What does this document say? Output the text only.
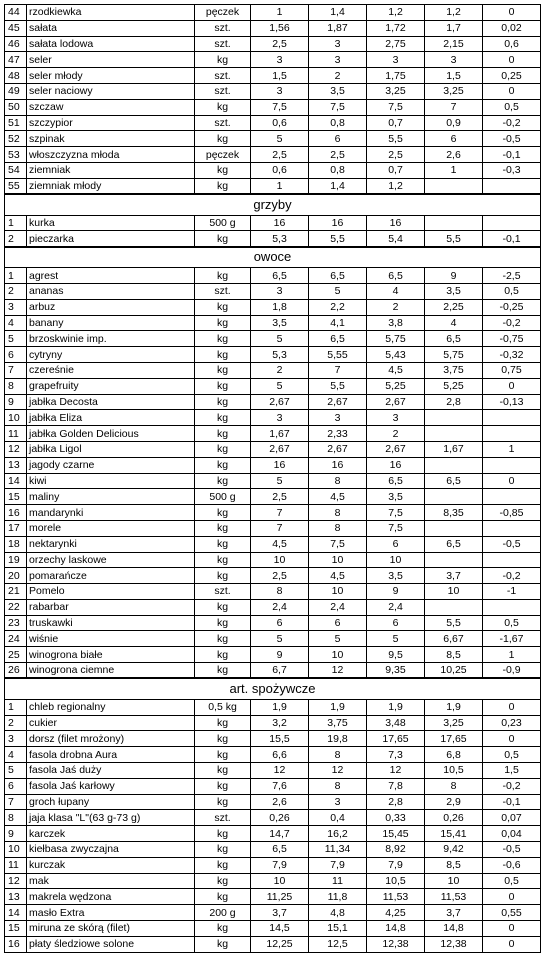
44	rzodkiewka	pęczek	1	1,4	1,2	1,2	0
45	sałata	szt.	1,56	1,87	1,72	1,7	0,02
46	sałata lodowa	szt.	2,5	3	2,75	2,15	0,6
47	seler	kg	3	3	3	3	0
48	seler młody	szt.	1,5	2	1,75	1,5	0,25
49	seler naciowy	szt.	3	3,5	3,25	3,25	0
50	szczaw	kg	7,5	7,5	7,5	7	0,5
51	szczypior	szt.	0,6	0,8	0,7	0,9	-0,2
52	szpinak	kg	5	6	5,5	6	-0,5
53	włoszczyzna młoda	pęczek	2,5	2,5	2,5	2,6	-0,1
54	ziemniak	kg	0,6	0,8	0,7	1	-0,3
55	ziemniak młody	kg	1	1,4	1,2		
grzyby							
1	kurka	500 g	16	16	16		
2	pieczarka	kg	5,3	5,5	5,4	5,5	-0,1
owoce							
1	agrest	kg	6,5	6,5	6,5	9	-2,5
2	ananas	szt.	3	5	4	3,5	0,5
3	arbuz	kg	1,8	2,2	2	2,25	-0,25
4	banany	kg	3,5	4,1	3,8	4	-0,2
5	brzoskwinie imp.	kg	5	6,5	5,75	6,5	-0,75
6	cytryny	kg	5,3	5,55	5,43	5,75	-0,32
7	czereśnie	kg	2	7	4,5	3,75	0,75
8	grapefruity	kg	5	5,5	5,25	5,25	0
9	jabłka Decosta	kg	2,67	2,67	2,67	2,8	-0,13
10	jabłka Eliza	kg	3	3	3		
11	jabłka Golden Delicious	kg	1,67	2,33	2		
12	jabłka Ligol	kg	2,67	2,67	2,67	1,67	1
13	jagody czarne	kg	16	16	16		
14	kiwi	kg	5	8	6,5	6,5	0
15	maliny	500 g	2,5	4,5	3,5		
16	mandarynki	kg	7	8	7,5	8,35	-0,85
17	morele	kg	7	8	7,5		
18	nektarynki	kg	4,5	7,5	6	6,5	-0,5
19	orzechy laskowe	kg	10	10	10		
20	pomarańcze	kg	2,5	4,5	3,5	3,7	-0,2
21	Pomelo	szt.	8	10	9	10	-1
22	rabarbar	kg	2,4	2,4	2,4		
23	truskawki	kg	6	6	6	5,5	0,5
24	wiśnie	kg	5	5	5	6,67	-1,67
25	winogrona białe	kg	9	10	9,5	8,5	1
26	winogrona ciemne	kg	6,7	12	9,35	10,25	-0,9
art. spożywcze							
1	chleb regionalny	0,5 kg	1,9	1,9	1,9	1,9	0
2	cukier	kg	3,2	3,75	3,48	3,25	0,23
3	dorsz (filet mrożony)	kg	15,5	19,8	17,65	17,65	0
4	fasola drobna Aura	kg	6,6	8	7,3	6,8	0,5
5	fasola Jaś duży	kg	12	12	12	10,5	1,5
6	fasola Jaś karłowy	kg	7,6	8	7,8	8	-0,2
7	groch łupany	kg	2,6	3	2,8	2,9	-0,1
8	jaja klasa "L"(63 g-73 g)	szt.	0,26	0,4	0,33	0,26	0,07
9	karczek	kg	14,7	16,2	15,45	15,41	0,04
10	kiełbasa zwyczajna	kg	6,5	11,34	8,92	9,42	-0,5
11	kurczak	kg	7,9	7,9	7,9	8,5	-0,6
12	mak	kg	10	11	10,5	10	0,5
13	makrela wędzona	kg	11,25	11,8	11,53	11,53	0
14	masło Extra	200 g	3,7	4,8	4,25	3,7	0,55
15	miruna ze skórą (filet)	kg	14,5	15,1	14,8	14,8	0
16	płaty śledziowe solone	kg	12,25	12,5	12,38	12,38	0
